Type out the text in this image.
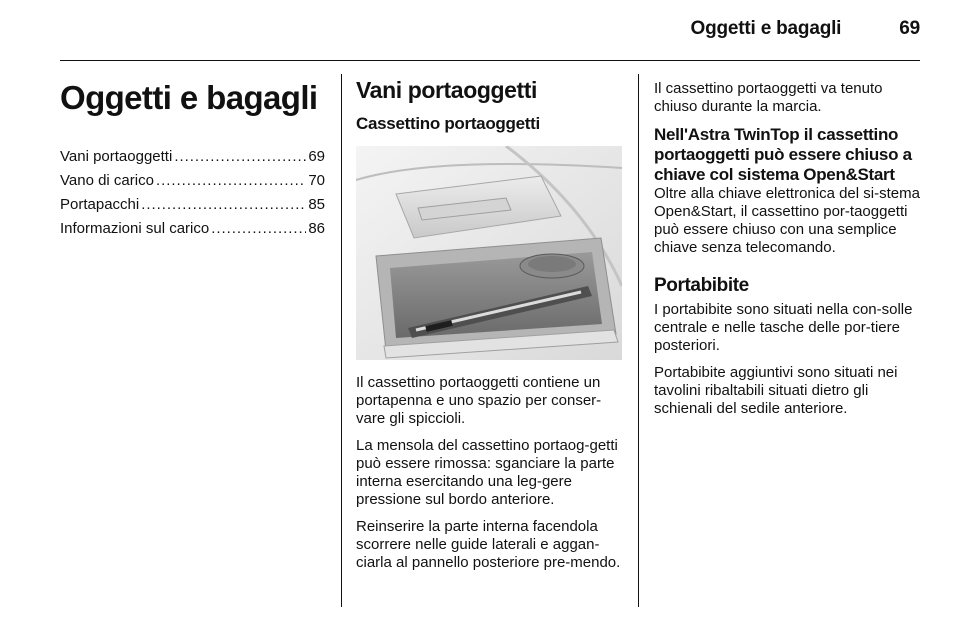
Oggetti e bagagli	69
Oggetti e bagagli
Vani portaoggetti . . .	69
Vano di carico . . .	70
Portapacchi . . .	85
Informazioni sul carico . . .	86
Vani portaoggetti
Cassettino portaoggetti

Il cassettino portaoggetti contiene un portapenna e uno spazio per conser-vare gli spiccioli.

La mensola del cassettino portaog-getti può essere rimossa: sganciare la parte interna esercitando una leg-gere pressione sul bordo anteriore.

Reinserire la parte interna facendola scorrere nelle guide laterali e aggan-ciarla al pannello posteriore pre-mendo.

Il cassettino portaoggetti va tenuto chiuso durante la marcia.

Nell'Astra TwinTop il cassettino portaoggetti può essere chiuso a chiave col sistema Open&Start

Oltre alla chiave elettronica del si-stema Open&Start, il cassettino por-taoggetti può essere chiuso con una semplice chiave senza telecomando.

Portabibite

I portabibite sono situati nella con-solle centrale e nelle tasche delle por-tiere posteriori.

Portabibite aggiuntivi sono situati nei tavolini ribaltabili situati dietro gli schienali del sedile anteriore.
